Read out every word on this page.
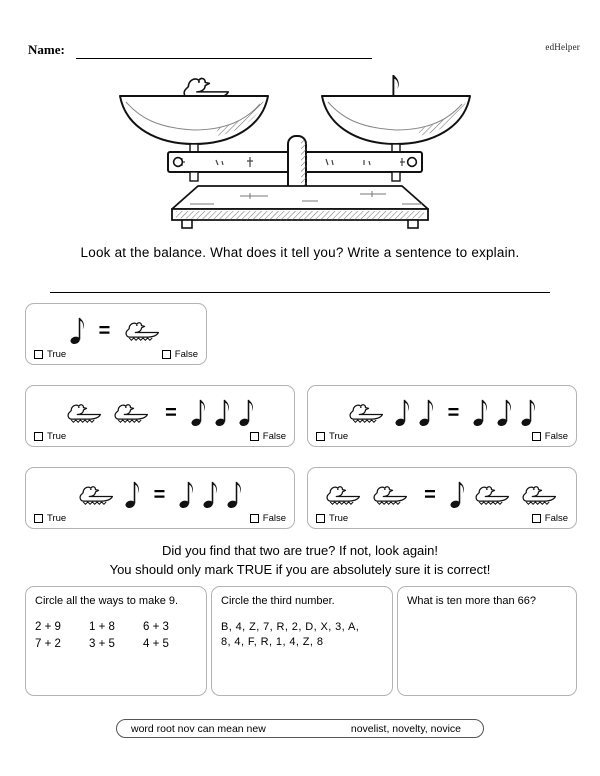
Name:	edHelper
Look at the balance. What does it tell you? Write a sentence to explain.
=
True	False
=
True	False
=
True	False
=
True	False
=
True	False
Did you find that two are true? If not, look again!
You should only mark TRUE if you are absolutely sure it is correct!
Circle all the ways to make 9.
2 + 9	1 + 8	6 + 3
7 + 2	3 + 5	4 + 5
Circle the third number.
B, 4, Z, 7, R, 2, D, X, 3, A,
8, 4, F, R, 1, 4, Z, 8
What is ten more than 66?
word root nov can mean new	novelist, novelty, novice
